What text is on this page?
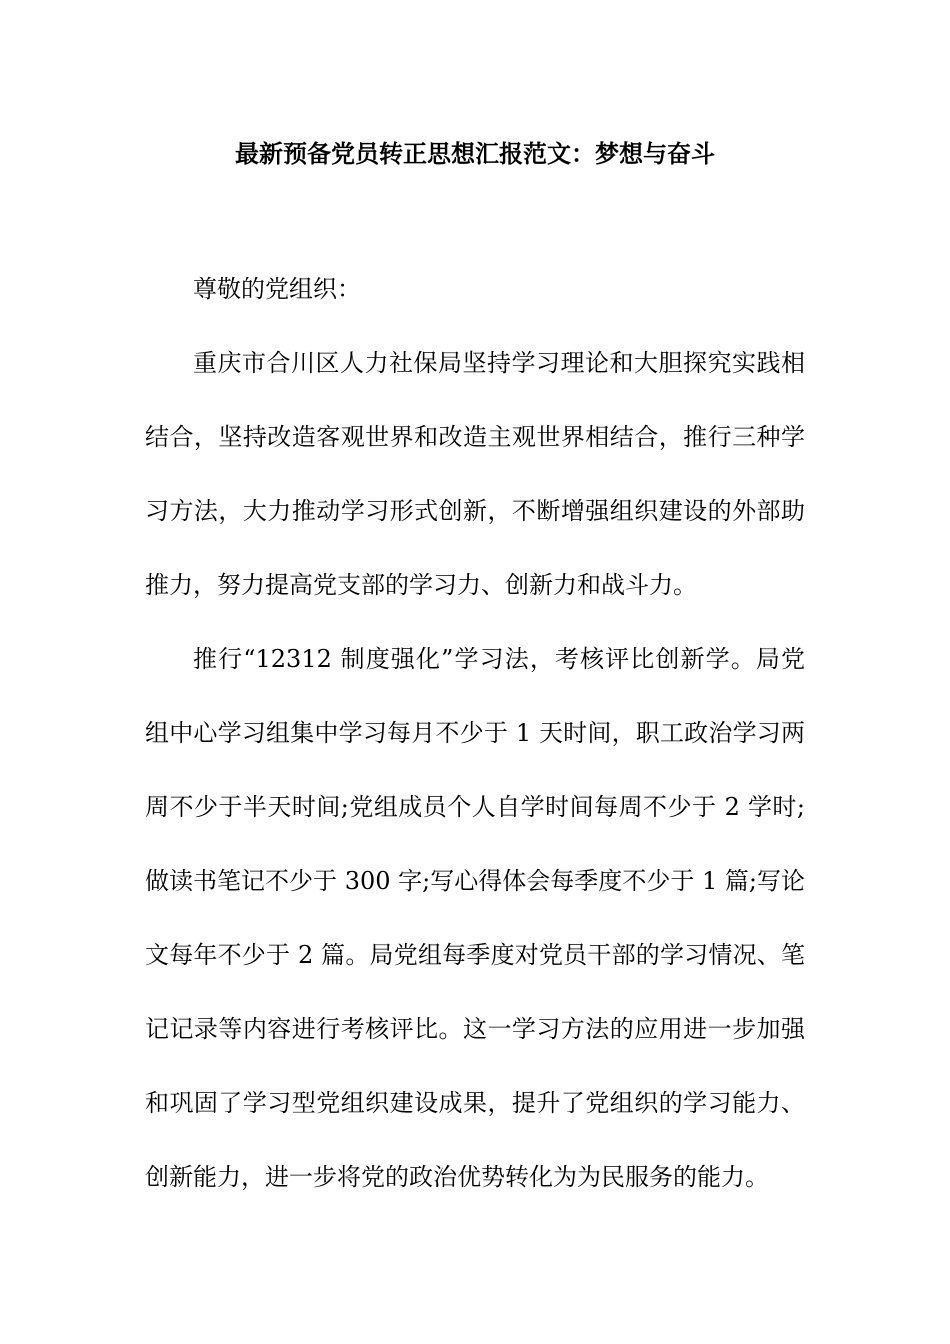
最新预备党员转正思想汇报范文：梦想与奋斗

尊敬的党组织：

重庆市合川区人力社保局坚持学习理论和大胆探究实践相结合，坚持改造客观世界和改造主观世界相结合，推行三种学习方法，大力推动学习形式创新，不断增强组织建设的外部助推力，努力提高党支部的学习力、创新力和战斗力。

推行“12312 制度强化”学习法，考核评比创新学。局党组中心学习组集中学习每月不少于 1 天时间，职工政治学习两周不少于半天时间;党组成员个人自学时间每周不少于 2 学时;做读书笔记不少于 300 字;写心得体会每季度不少于 1 篇;写论文每年不少于 2 篇。局党组每季度对党员干部的学习情况、笔记记录等内容进行考核评比。这一学习方法的应用进一步加强和巩固了学习型党组织建设成果，提升了党组织的学习能力、创新能力，进一步将党的政治优势转化为为民服务的能力。
